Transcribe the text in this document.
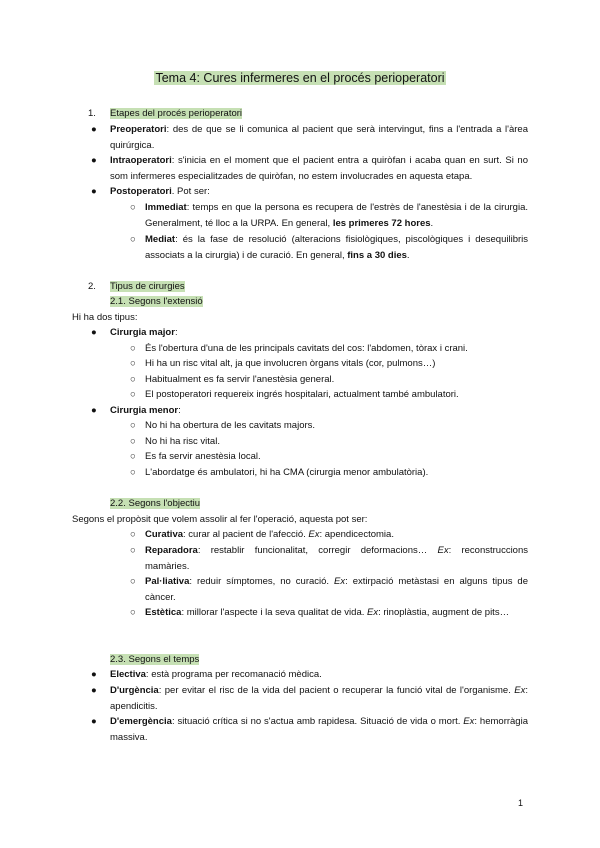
Tema 4: Cures infermeres en el procés perioperatori
1. Etapes del procés perioperatori
●	Preoperatori: des de que se li comunica al pacient que serà intervingut, fins a l'entrada a l'àrea quirúrgica.
●	Intraoperatori: s'inicia en el moment que el pacient entra a quiròfan i acaba quan en surt. Si no som infermeres especialitzades de quiròfan, no estem involucrades en aquesta etapa.
●	Postoperatori. Pot ser:
○ Immediat: temps en que la persona es recupera de l'estrès de l'anestèsia i de la cirurgia. Generalment, té lloc a la URPA. En general, les primeres 72 hores.
○ Mediat: és la fase de resolució (alteracions fisiològiques, piscològiques i desequilibris associats a la cirurgia) i de curació. En general, fins a 30 dies.
2. Tipus de cirurgies
2.1. Segons l'extensió
Hi ha dos tipus:
●	Cirurgia major:
○ És l'obertura d'una de les principals cavitats del cos: l'abdomen, tòrax i crani.
○ Hi ha un risc vital alt, ja que involucren òrgans vitals (cor, pulmons…)
○ Habitualment es fa servir l'anestèsia general.
○ El postoperatori requereix ingrés hospitalari, actualment també ambulatori.
●	Cirurgia menor:
○ No hi ha obertura de les cavitats majors.
○ No hi ha risc vital.
○ Es fa servir anestèsia local.
○ L'abordatge és ambulatori, hi ha CMA (cirurgia menor ambulatòria).
2.2. Segons l'objectiu
Segons el propòsit que volem assolir al fer l'operació, aquesta pot ser:
○ Curativa: curar al pacient de l'afecció. Ex: apendicectomia.
○ Reparadora: restablir funcionalitat, corregir deformacions… Ex: reconstruccions mamàries.
○ Pal·liativa: reduir símptomes, no curació. Ex: extirpació metàstasi en alguns tipus de càncer.
○ Estètica: millorar l'aspecte i la seva qualitat de vida. Ex: rinoplàstia, augment de pits…
2.3. Segons el temps
●	Electiva: està programa per recomanació mèdica.
●	D'urgència: per evitar el risc de la vida del pacient o recuperar la funció vital de l'organisme. Ex: apendicitis.
●	D'emergència: situació crítica si no s'actua amb rapidesa. Situació de vida o mort. Ex: hemorràgia massiva.
1
